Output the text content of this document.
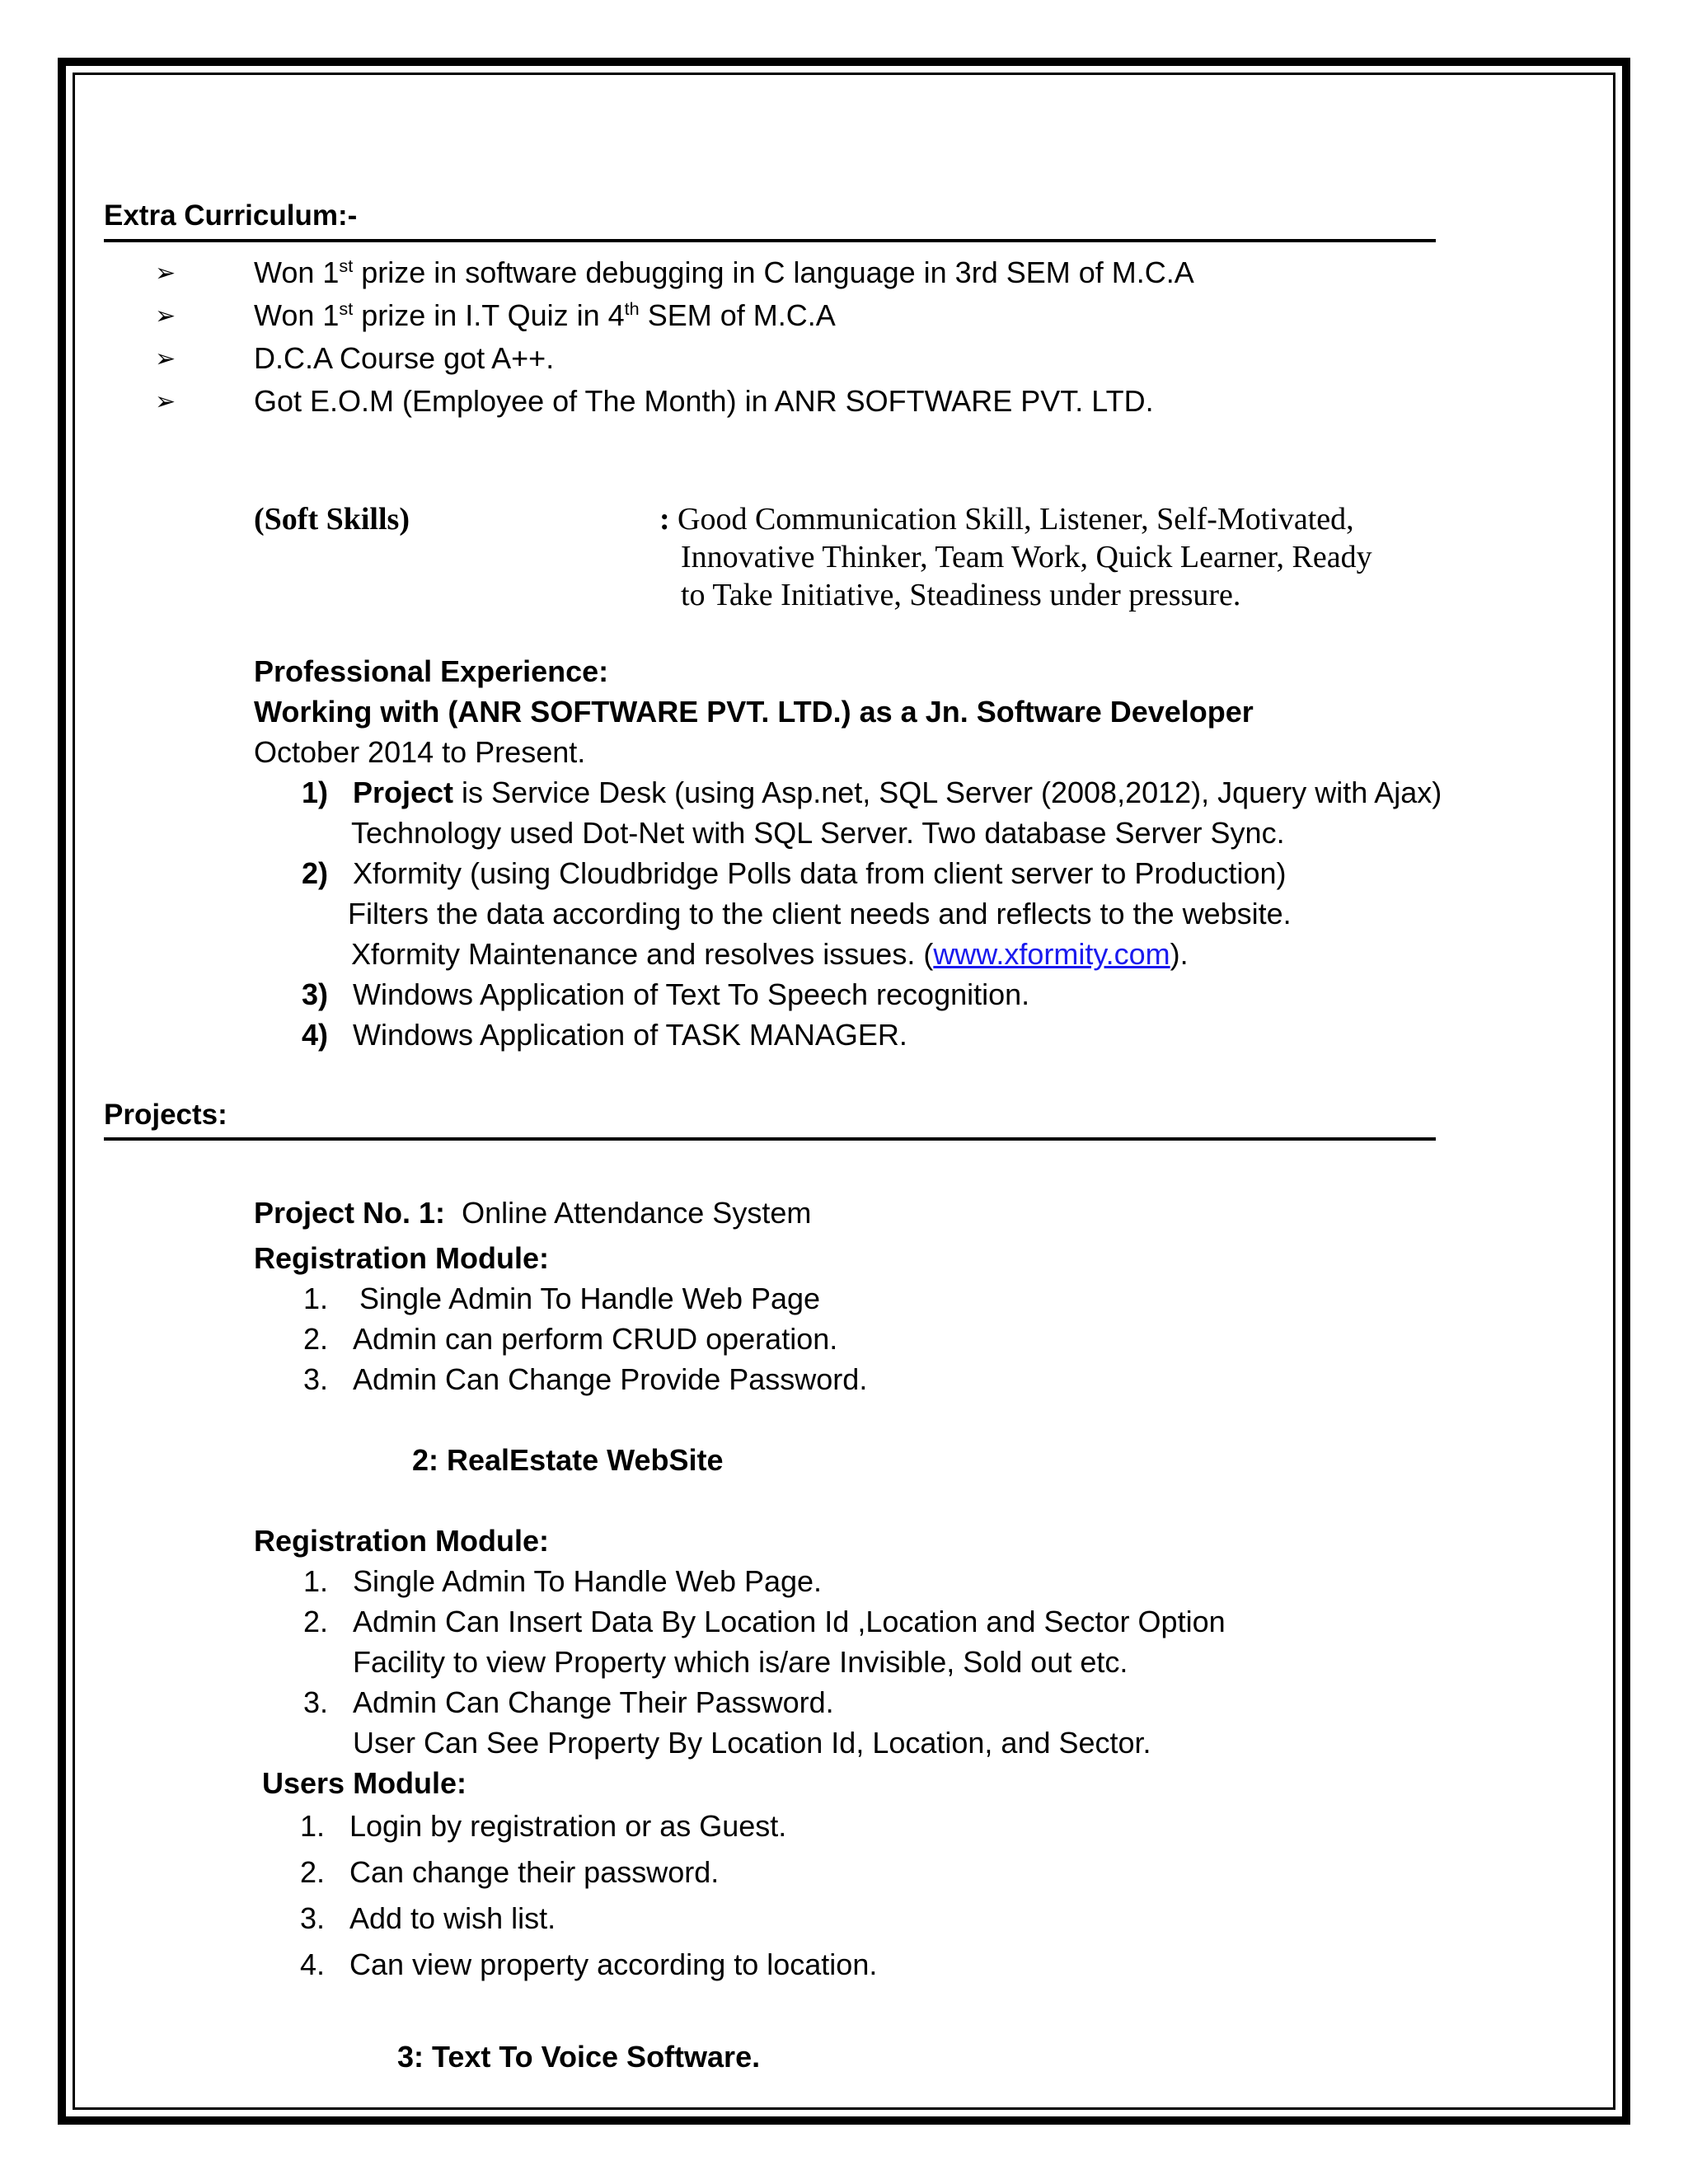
Extra Curriculum:-
➢	Won 1st prize in software debugging in C language in 3rd SEM of M.C.A
➢	Won 1st prize in I.T Quiz in 4th SEM of M.C.A
➢	D.C.A Course got A++.
➢	Got E.O.M (Employee of The Month) in ANR SOFTWARE PVT. LTD.
(Soft Skills)	: Good Communication Skill, Listener, Self-Motivated,
Innovative Thinker, Team Work, Quick Learner, Ready
to Take Initiative, Steadiness under pressure.
Professional Experience:
Working with (ANR SOFTWARE PVT. LTD.) as a Jn. Software Developer
October 2014 to Present.
1) Project is Service Desk (using Asp.net, SQL Server (2008,2012), Jquery with Ajax)
Technology used Dot-Net with SQL Server. Two database Server Sync.
2) Xformity (using Cloudbridge Polls data from client server to Production)
Filters the data according to the client needs and reflects to the website.
Xformity Maintenance and resolves issues. (www.xformity.com).
3) Windows Application of Text To Speech recognition.
4) Windows Application of TASK MANAGER.
Projects:
Project No. 1: Online Attendance System
Registration Module:
1. Single Admin To Handle Web Page
2. Admin can perform CRUD operation.
3. Admin Can Change Provide Password.
2: RealEstate WebSite
Registration Module:
1. Single Admin To Handle Web Page.
2. Admin Can Insert Data By Location Id ,Location and Sector Option
Facility to view Property which is/are Invisible, Sold out etc.
3. Admin Can Change Their Password.
User Can See Property By Location Id, Location, and Sector.
Users Module:
1. Login by registration or as Guest.
2. Can change their password.
3. Add to wish list.
4. Can view property according to location.
3: Text To Voice Software.
